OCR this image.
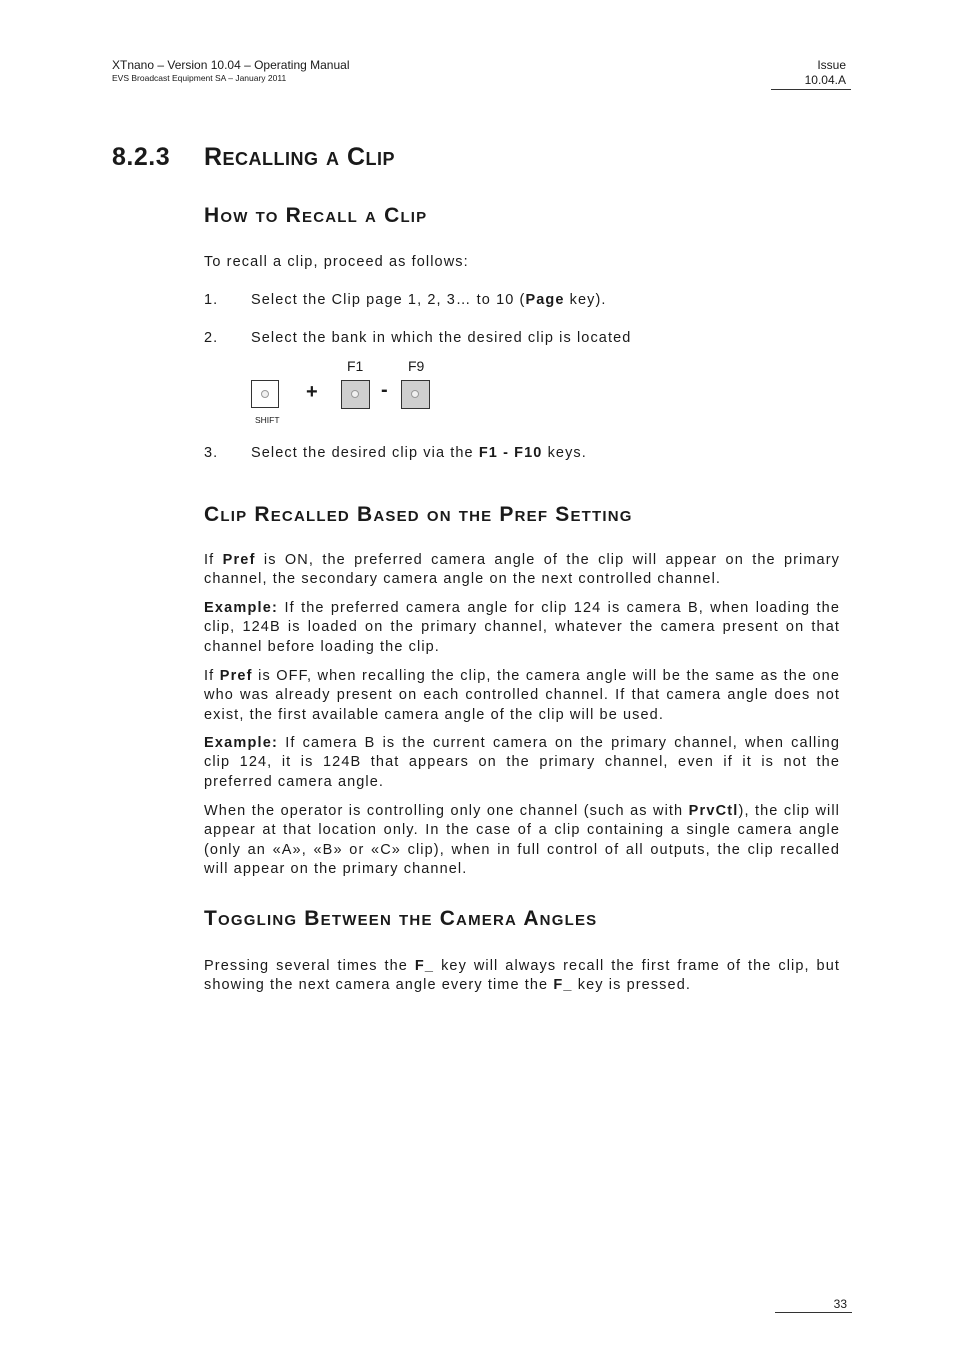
XTnano – Version 10.04 – Operating Manual
EVS Broadcast Equipment SA – January 2011
Issue
10.04.A
8.2.3 Recalling a Clip
How to Recall a Clip
To recall a clip, proceed as follows:
1. Select the Clip page 1, 2, 3… to 10 (Page key).
2. Select the bank in which the desired clip is located
SHIFT
+
F1
-
F9
3. Select the desired clip via the F1 - F10 keys.
Clip Recalled Based on the Pref Setting
If Pref is ON, the preferred camera angle of the clip will appear on the primary channel, the secondary camera angle on the next controlled channel.
Example: If the preferred camera angle for clip 124 is camera B, when loading the clip, 124B is loaded on the primary channel, whatever the camera present on that channel before loading the clip.
If Pref is OFF, when recalling the clip, the camera angle will be the same as the one who was already present on each controlled channel. If that camera angle does not exist, the first available camera angle of the clip will be used.
Example: If camera B is the current camera on the primary channel, when calling clip 124, it is 124B that appears on the primary channel, even if it is not the preferred camera angle.
When the operator is controlling only one channel (such as with PrvCtl), the clip will appear at that location only. In the case of a clip containing a single camera angle (only an «A», «B» or «C» clip), when in full control of all outputs, the clip recalled will appear on the primary channel.
Toggling Between the Camera Angles
Pressing several times the F_ key will always recall the first frame of the clip, but showing the next camera angle every time the F_ key is pressed.
33
